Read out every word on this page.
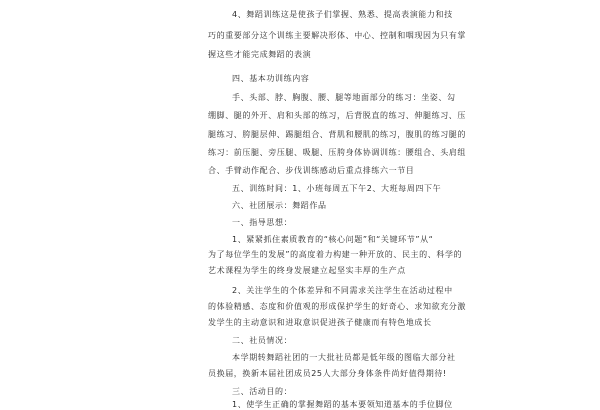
4、舞蹈训练这是使孩子们掌握、熟悉、提高表演能力和技
巧的重要部分这个训练主要解决形体、中心、控制和咽现因为只有掌
握这些才能完成舞蹈的表演
四、基本功训练内容
手、头部、脖、胸腹、腰、腿等地面部分的练习：坐姿、勾
绷脚、腿的外开、肩和头部的练习，后背脱直的练习、伸腿练习、压
腿练习、胯腿层伸、踢腿组合、背肌和腰肌的练习，腹肌的练习腿的
练习：前压腿、旁压腿、吸腿、压胯身体协调训练：腰组合、头肩组
合、手臂动作配合、步伐训练感动后重点排练六一节目
五、训练时间：1、小班每周五下午2、大班每周四下午
六、社团展示：舞蹈作品
一、指导思想：
1、紧紧抓住素质教育的“核心问题”和“关键环节”从“
为了每位学生的发展”的高度着力构建一种开放的、民主的、科学的
艺术课程为学生的终身发展建立起坚实丰厚的生产点
2、关注学生的个体差异和不同需求关注学生在活动过程中
的体验精感、态度和价值观的形成保护学生的好奇心、求知欲充分激
发学生的主动意识和进取意识促进孩子健康而有特色地成长
二、社员情况：
本学期转舞蹈社团的一大批社员都是低年级的图临大部分社
员换届，换新本届社团成员25人大部分身体条件尚好值得期待!
三、活动目的：
1、使学生正确的掌握舞蹈的基本要领知道基本的手位脚位
